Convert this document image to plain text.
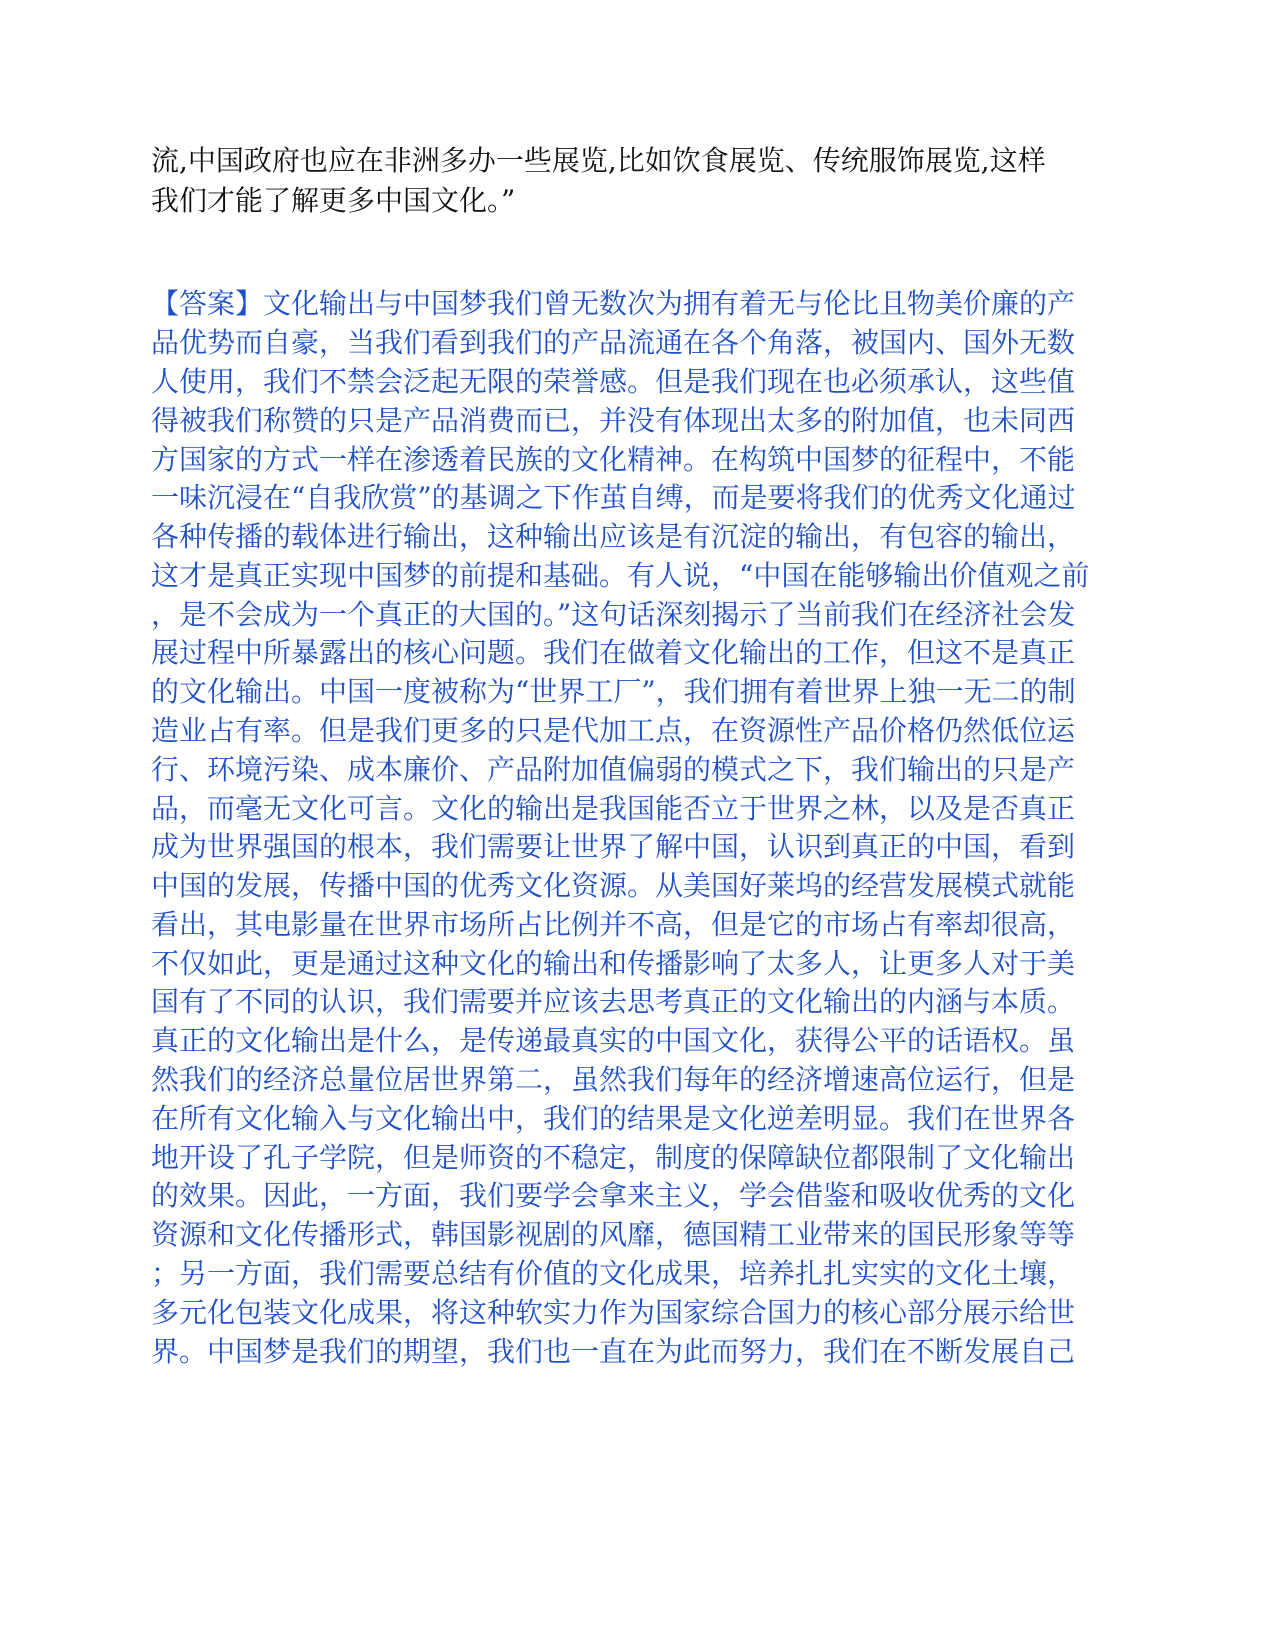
流,中国政府也应在非洲多办一些展览,比如饮食展览、传统服饰展览,这样

我们才能了解更多中国文化。”

【答案】文化输出与中国梦我们曾无数次为拥有着无与伦比且物美价廉的产

品优势而自豪，当我们看到我们的产品流通在各个角落，被国内、国外无数

人使用，我们不禁会泛起无限的荣誉感。但是我们现在也必须承认，这些值

得被我们称赞的只是产品消费而已，并没有体现出太多的附加值，也未同西

方国家的方式一样在渗透着民族的文化精神。在构筑中国梦的征程中，不能

一味沉浸在“自我欣赏”的基调之下作茧自缚，而是要将我们的优秀文化通过

各种传播的载体进行输出，这种输出应该是有沉淀的输出，有包容的输出，

这才是真正实现中国梦的前提和基础。有人说，“中国在能够输出价值观之前

，是不会成为一个真正的大国的。”这句话深刻揭示了当前我们在经济社会发

展过程中所暴露出的核心问题。我们在做着文化输出的工作，但这不是真正

的文化输出。中国一度被称为“世界工厂”，我们拥有着世界上独一无二的制

造业占有率。但是我们更多的只是代加工点，在资源性产品价格仍然低位运

行、环境污染、成本廉价、产品附加值偏弱的模式之下，我们输出的只是产

品，而毫无文化可言。文化的输出是我国能否立于世界之林，以及是否真正

成为世界强国的根本，我们需要让世界了解中国，认识到真正的中国，看到

中国的发展，传播中国的优秀文化资源。从美国好莱坞的经营发展模式就能

看出，其电影量在世界市场所占比例并不高，但是它的市场占有率却很高，

不仅如此，更是通过这种文化的输出和传播影响了太多人，让更多人对于美

国有了不同的认识，我们需要并应该去思考真正的文化输出的内涵与本质。

真正的文化输出是什么，是传递最真实的中国文化，获得公平的话语权。虽

然我们的经济总量位居世界第二，虽然我们每年的经济增速高位运行，但是

在所有文化输入与文化输出中，我们的结果是文化逆差明显。我们在世界各

地开设了孔子学院，但是师资的不稳定，制度的保障缺位都限制了文化输出

的效果。因此，一方面，我们要学会拿来主义，学会借鉴和吸收优秀的文化

资源和文化传播形式，韩国影视剧的风靡，德国精工业带来的国民形象等等

；另一方面，我们需要总结有价值的文化成果，培养扎扎实实的文化土壤，

多元化包装文化成果，将这种软实力作为国家综合国力的核心部分展示给世

界。中国梦是我们的期望，我们也一直在为此而努力，我们在不断发展自己
